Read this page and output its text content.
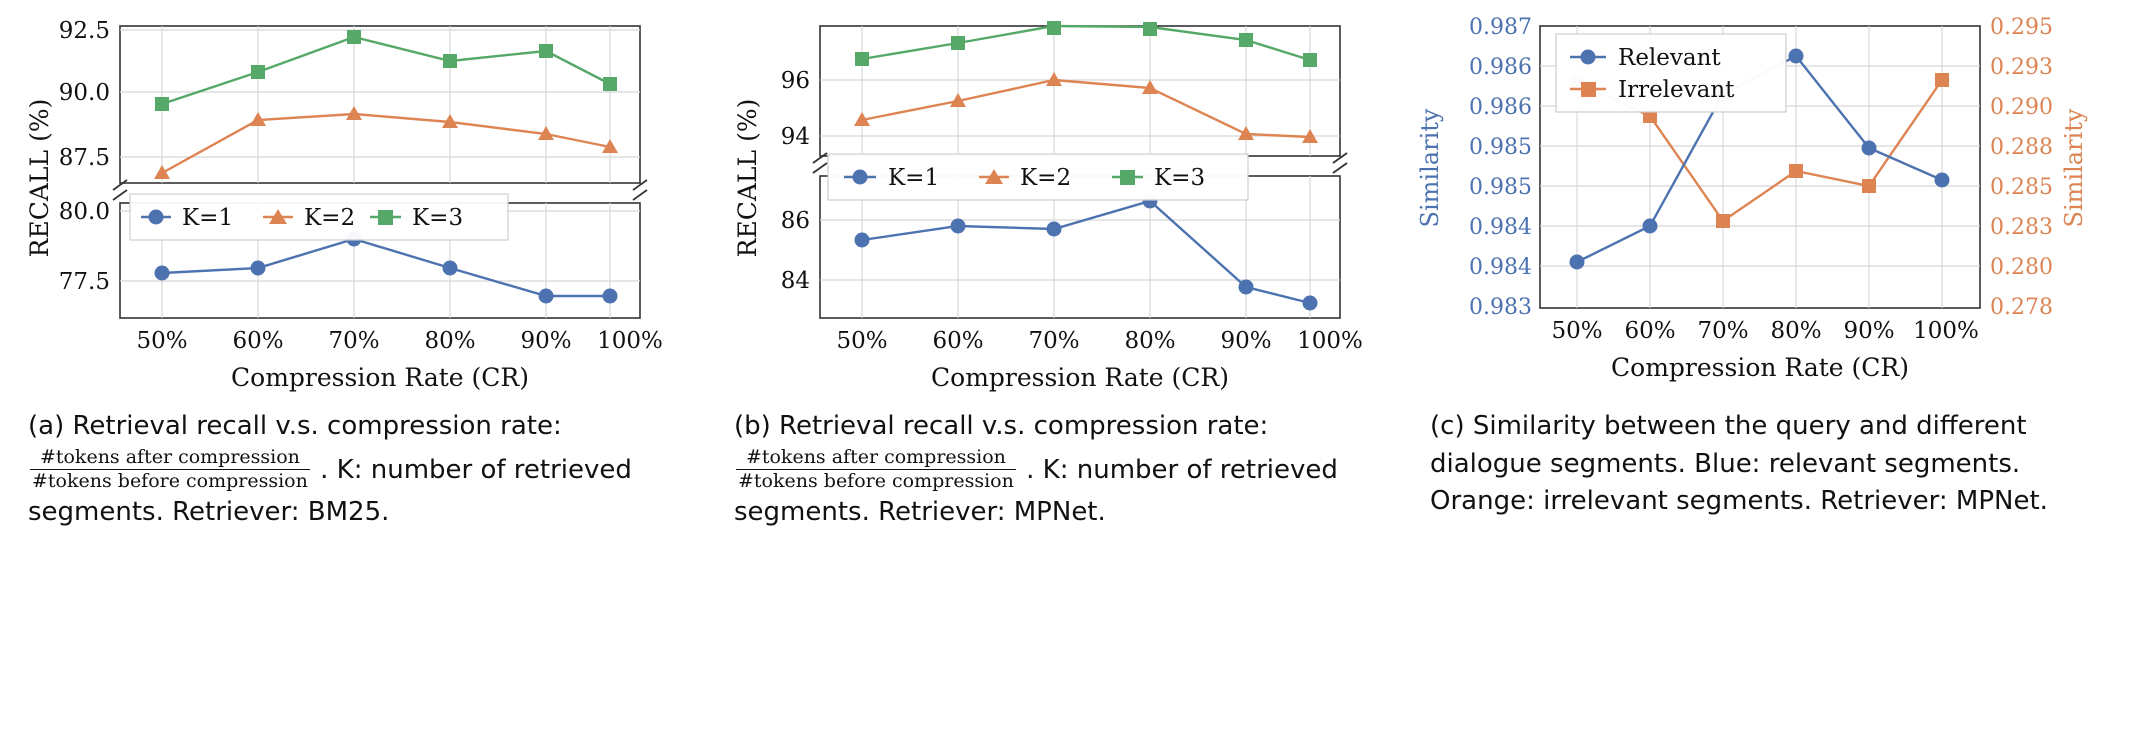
K=1	K=2 K=3
92.5
90.0
87.5
80.0
77.5
50% 60% 70% 80% 90% 100%
Compression Rate (CR)
RECALL (%)
(a) Retrieval recall v.s. compression rate:
$\frac{\text{\#tokens after compression}}{\text{\#tokens before compression}}$ . K: number of retrieved segments. Retriever: BM25.
K=1	K=2	K=3
96
94
86
84
50% 60% 70% 80% 90% 100%
Compression Rate (CR)
RECALL (%)
(b) Retrieval recall v.s. compression rate:
$\frac{\text{\#tokens after compression}}{\text{\#tokens before compression}}$ . K: number of retrieved segments. Retriever: MPNet.
Relevant
Irrelevant
0.987
0.986
0.986
0.985
0.985
0.984
0.984
0.983
0.295
0.293
0.290
0.288
0.285
0.283
0.280
0.278
50% 60% 70% 80% 90% 100%
Compression Rate (CR)
Similarity	Similarity
(c) Similarity between the query and different dialogue segments. Blue: relevant segments. Orange: irrelevant segments. Retriever: MPNet.
